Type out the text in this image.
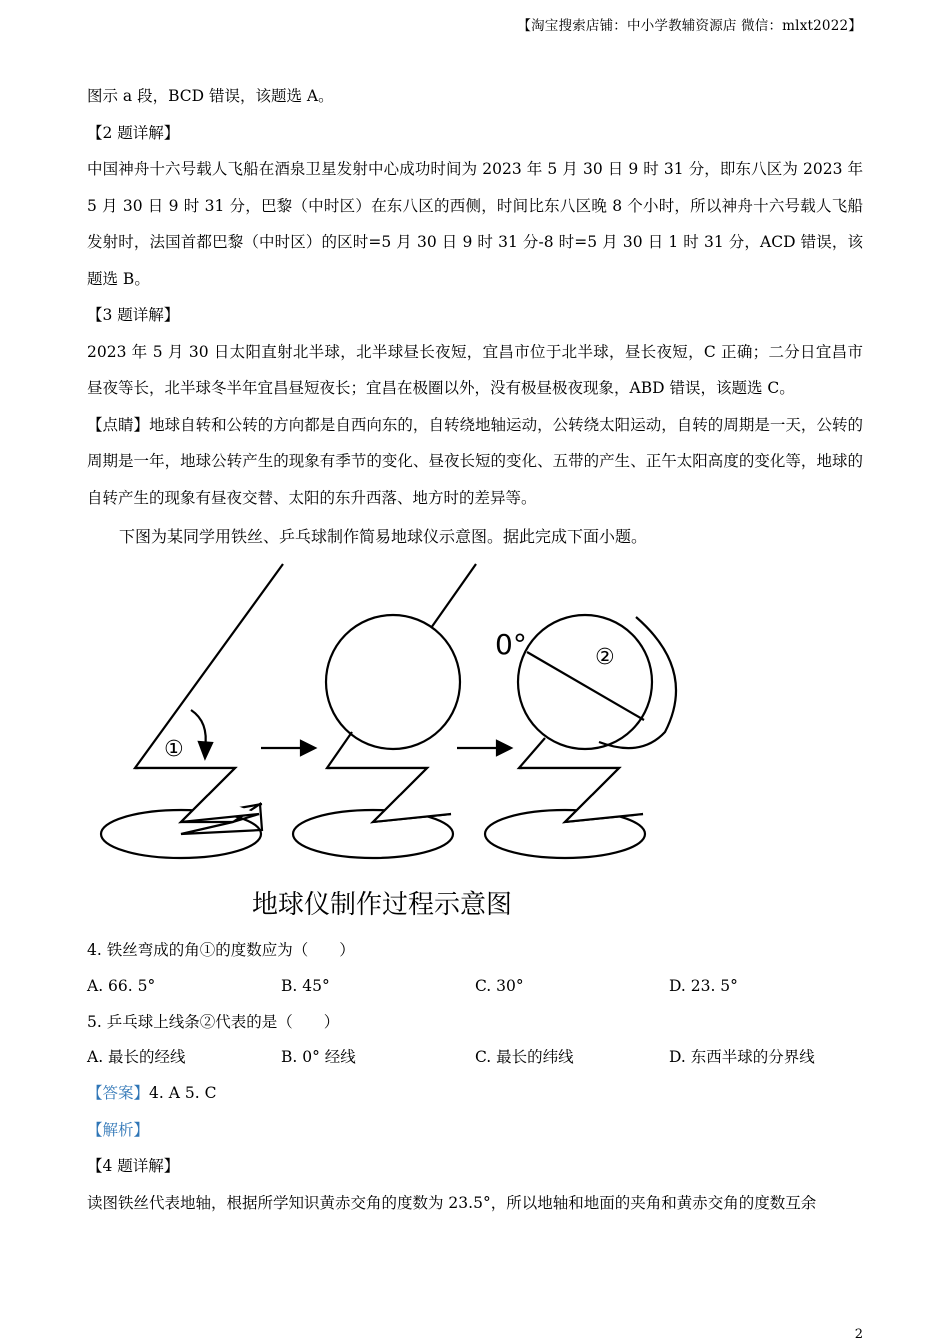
【淘宝搜索店铺：中小学教辅资源店 微信：mlxt2022】

图示 a 段，BCD 错误，该题选 A。

【2 题详解】

中国神舟十六号载人飞船在酒泉卫星发射中心成功时间为 2023 年 5 月 30 日 9 时 31 分，即东八区为 2023 年 5 月 30 日 9 时 31 分，巴黎（中时区）在东八区的西侧，时间比东八区晚 8 个小时，所以神舟十六号载人飞船发射时，法国首都巴黎（中时区）的区时=5 月 30 日 9 时 31 分-8 时=5 月 30 日 1 时 31 分，ACD 错误，该题选 B。

【3 题详解】

2023 年 5 月 30 日太阳直射北半球，北半球昼长夜短，宜昌市位于北半球，昼长夜短，C 正确；二分日宜昌市昼夜等长，北半球冬半年宜昌昼短夜长；宜昌在极圈以外，没有极昼极夜现象，ABD 错误，该题选 C。

【点睛】地球自转和公转的方向都是自西向东的，自转绕地轴运动，公转绕太阳运动，自转的周期是一天，公转的周期是一年，地球公转产生的现象有季节的变化、昼夜长短的变化、五带的产生、正午太阳高度的变化等，地球的自转产生的现象有昼夜交替、太阳的东升西落、地方时的差异等。

下图为某同学用铁丝、乒乓球制作简易地球仪示意图。据此完成下面小题。

①
②
0°
地球仪制作过程示意图

4. 铁丝弯成的角①的度数应为（　　）

A. 66. 5°	B. 45°	C. 30°	D. 23. 5°

5. 乒乓球上线条②代表的是（　　）

A. 最长的经线	B. 0° 经线	C. 最长的纬线	D. 东西半球的分界线

【答案】4. A 5. C

【解析】

【4 题详解】

读图铁丝代表地轴，根据所学知识黄赤交角的度数为 23.5°，所以地轴和地面的夹角和黄赤交角的度数互余

2
